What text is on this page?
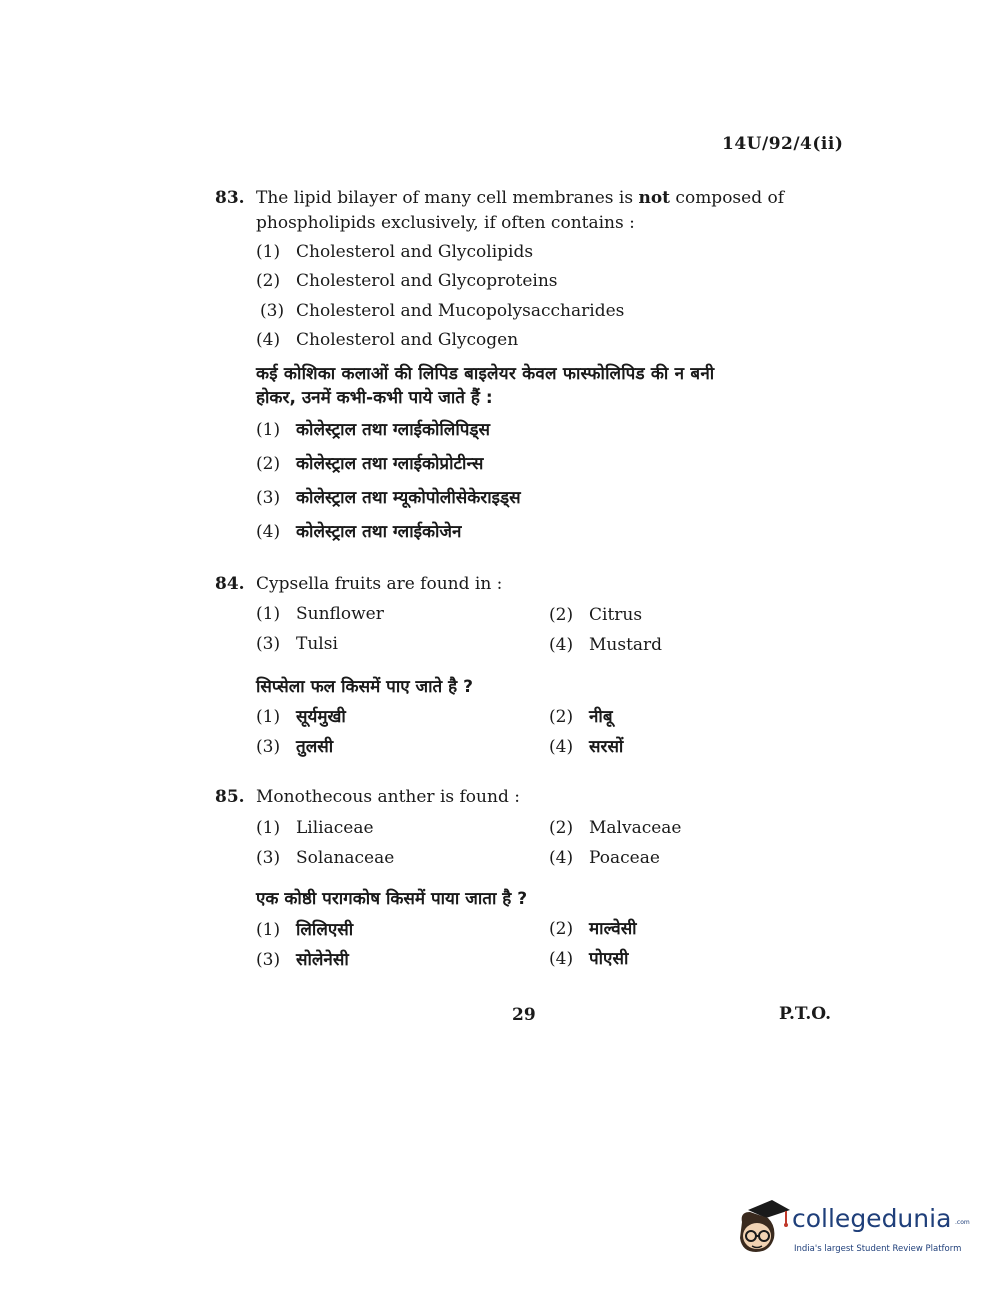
14U/92/4(ii)
83. The lipid bilayer of many cell membranes is not composed of
phospholipids exclusively, if often contains :
(1) Cholesterol and Glycolipids
(2) Cholesterol and Glycoproteins
(3) Cholesterol and Mucopolysaccharides
(4) Cholesterol and Glycogen
कई कोशिका कलाओं की लिपिड बाइलेयर केवल फास्फोलिपिड की न बनी
होकर, उनमें कभी-कभी पाये जाते हैं :
(1) कोलेस्ट्राल तथा ग्लाईकोलिपिड्स
(2) कोलेस्ट्राल तथा ग्लाईकोप्रोटीन्स
(3) कोलेस्ट्राल तथा म्यूकोपोलीसेकेराइड्स
(4) कोलेस्ट्राल तथा ग्लाईकोजेन
84. Cypsella fruits are found in :
(1) Sunflower	(2) Citrus
(3) Tulsi	(4) Mustard
सिप्सेला फल किसमें पाए जाते है ?
(1) सूर्यमुखी	(2) नीबू
(3) तुलसी	(4) सरसों
85. Monothecous anther is found :
(1) Liliaceae	(2) Malvaceae
(3) Solanaceae	(4) Poaceae
एक कोष्ठी परागकोष किसमें पाया जाता है ?
(1) लिलिएसी	(2) माल्वेसी
(3) सोलेनेसी	(4) पोएसी
29	P.T.O.
collegedunia .com
India's largest Student Review Platform
